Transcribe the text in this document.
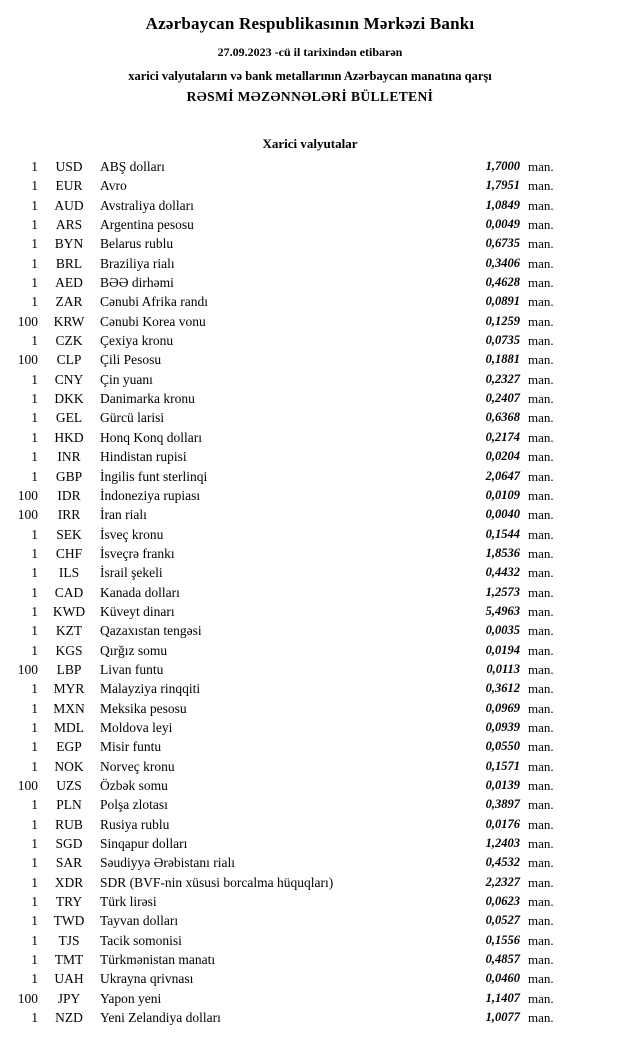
Azərbaycan Respublikasının Mərkəzi Bankı
27.09.2023 -cü il tarixindən etibarən
xarici valyutaların və bank metallarının Azərbaycan manatına qarşı
RƏSMİ MƏZƏNNƏLƏRİ BÜLLETENİ
Xarici valyutalar
1	USD	ABŞ dolları	1,7000 man.
1	EUR	Avro	1,7951 man.
1	AUD	Avstraliya dolları	1,0849 man.
1	ARS	Argentina pesosu	0,0049 man.
1	BYN	Belarus rublu	0,6735 man.
1	BRL	Braziliya rialı	0,3406 man.
1	AED	BƏƏ dirhəmi	0,4628 man.
1	ZAR	Cənubi Afrika randı	0,0891 man.
100	KRW	Cənubi Korea vonu	0,1259 man.
1	CZK	Çexiya kronu	0,0735 man.
100	CLP	Çili Pesosu	0,1881 man.
1	CNY	Çin yuanı	0,2327 man.
1	DKK	Danimarka kronu	0,2407 man.
1	GEL	Gürcü larisi	0,6368 man.
1	HKD	Honq Konq dolları	0,2174 man.
1	INR	Hindistan rupisi	0,0204 man.
1	GBP	İngilis funt sterlinqi	2,0647 man.
100	IDR	İndoneziya rupiası	0,0109 man.
100	IRR	İran rialı	0,0040 man.
1	SEK	İsveç kronu	0,1544 man.
1	CHF	İsveçrə frankı	1,8536 man.
1	ILS	İsrail şekeli	0,4432 man.
1	CAD	Kanada dolları	1,2573 man.
1	KWD	Küveyt dinarı	5,4963 man.
1	KZT	Qazaxıstan tengəsi	0,0035 man.
1	KGS	Qırğız somu	0,0194 man.
100	LBP	Livan funtu	0,0113 man.
1	MYR	Malayziya rinqqiti	0,3612 man.
1	MXN	Meksika pesosu	0,0969 man.
1	MDL	Moldova leyi	0,0939 man.
1	EGP	Misir funtu	0,0550 man.
1	NOK	Norveç kronu	0,1571 man.
100	UZS	Özbək somu	0,0139 man.
1	PLN	Polşa zlotası	0,3897 man.
1	RUB	Rusiya rublu	0,0176 man.
1	SGD	Sinqapur dolları	1,2403 man.
1	SAR	Səudiyyə Ərəbistanı rialı	0,4532 man.
1	XDR	SDR (BVF-nin xüsusi borcalma hüquqları)	2,2327 man.
1	TRY	Türk lirəsi	0,0623 man.
1	TWD	Tayvan dolları	0,0527 man.
1	TJS	Tacik somonisi	0,1556 man.
1	TMT	Türkmənistan manatı	0,4857 man.
1	UAH	Ukrayna qrivnası	0,0460 man.
100	JPY	Yapon yeni	1,1407 man.
1	NZD	Yeni Zelandiya dolları	1,0077 man.
